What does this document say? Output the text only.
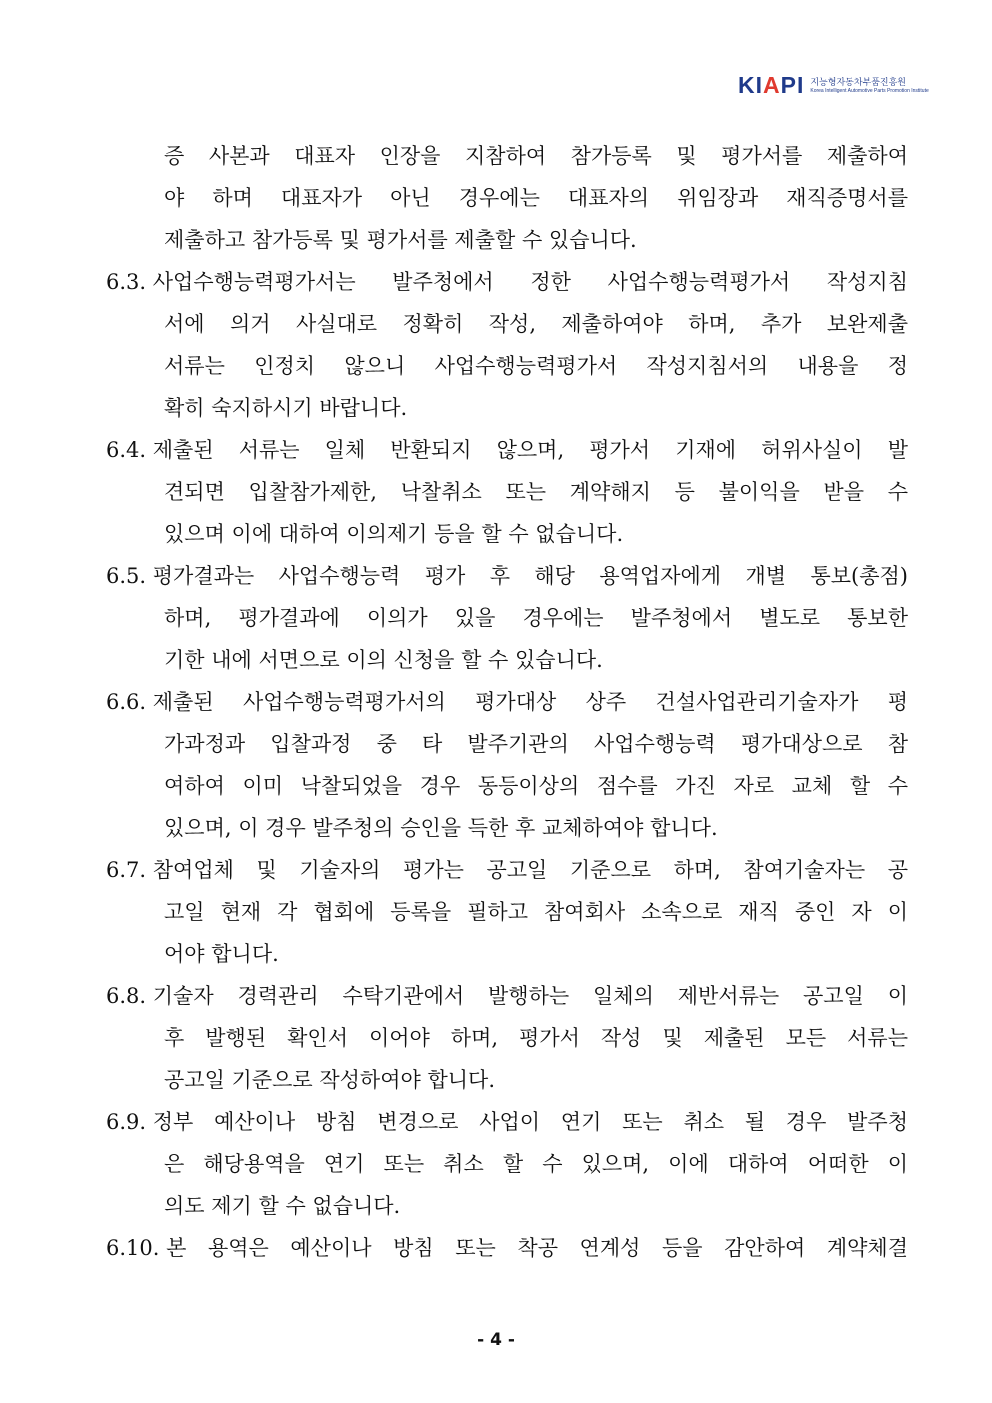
KIAPI 지능형자동차부품진흥원
Korea Intelligent Automotive Parts Promotion Institute
증 사본과 대표자 인장을 지참하여 참가등록 및 평가서를 제출하여
야 하며 대표자가 아닌 경우에는 대표자의 위임장과 재직증명서를
제출하고 참가등록 및 평가서를 제출할 수 있습니다.
6.3. 사업수행능력평가서는 발주청에서 정한 사업수행능력평가서 작성지침
서에 의거 사실대로 정확히 작성, 제출하여야 하며, 추가 보완제출
서류는 인정치 않으니 사업수행능력평가서 작성지침서의 내용을 정
확히 숙지하시기 바랍니다.
6.4. 제출된 서류는 일체 반환되지 않으며, 평가서 기재에 허위사실이 발
견되면 입찰참가제한, 낙찰취소 또는 계약해지 등 불이익을 받을 수
있으며 이에 대하여 이의제기 등을 할 수 없습니다.
6.5. 평가결과는 사업수행능력 평가 후 해당 용역업자에게 개별 통보(총점)
하며, 평가결과에 이의가 있을 경우에는 발주청에서 별도로 통보한
기한 내에 서면으로 이의 신청을 할 수 있습니다.
6.6. 제출된 사업수행능력평가서의 평가대상 상주 건설사업관리기술자가 평
가과정과 입찰과정 중 타 발주기관의 사업수행능력 평가대상으로 참
여하여 이미 낙찰되었을 경우 동등이상의 점수를 가진 자로 교체 할 수
있으며, 이 경우 발주청의 승인을 득한 후 교체하여야 합니다.
6.7. 참여업체 및 기술자의 평가는 공고일 기준으로 하며, 참여기술자는 공
고일 현재 각 협회에 등록을 필하고 참여회사 소속으로 재직 중인 자 이
어야 합니다.
6.8. 기술자 경력관리 수탁기관에서 발행하는 일체의 제반서류는 공고일 이
후 발행된 확인서 이어야 하며, 평가서 작성 및 제출된 모든 서류는
공고일 기준으로 작성하여야 합니다.
6.9. 정부 예산이나 방침 변경으로 사업이 연기 또는 취소 될 경우 발주청
은 해당용역을 연기 또는 취소 할 수 있으며, 이에 대하여 어떠한 이
의도 제기 할 수 없습니다.
6.10. 본 용역은 예산이나 방침 또는 착공 연계성 등을 감안하여 계약체결
- 4 -
